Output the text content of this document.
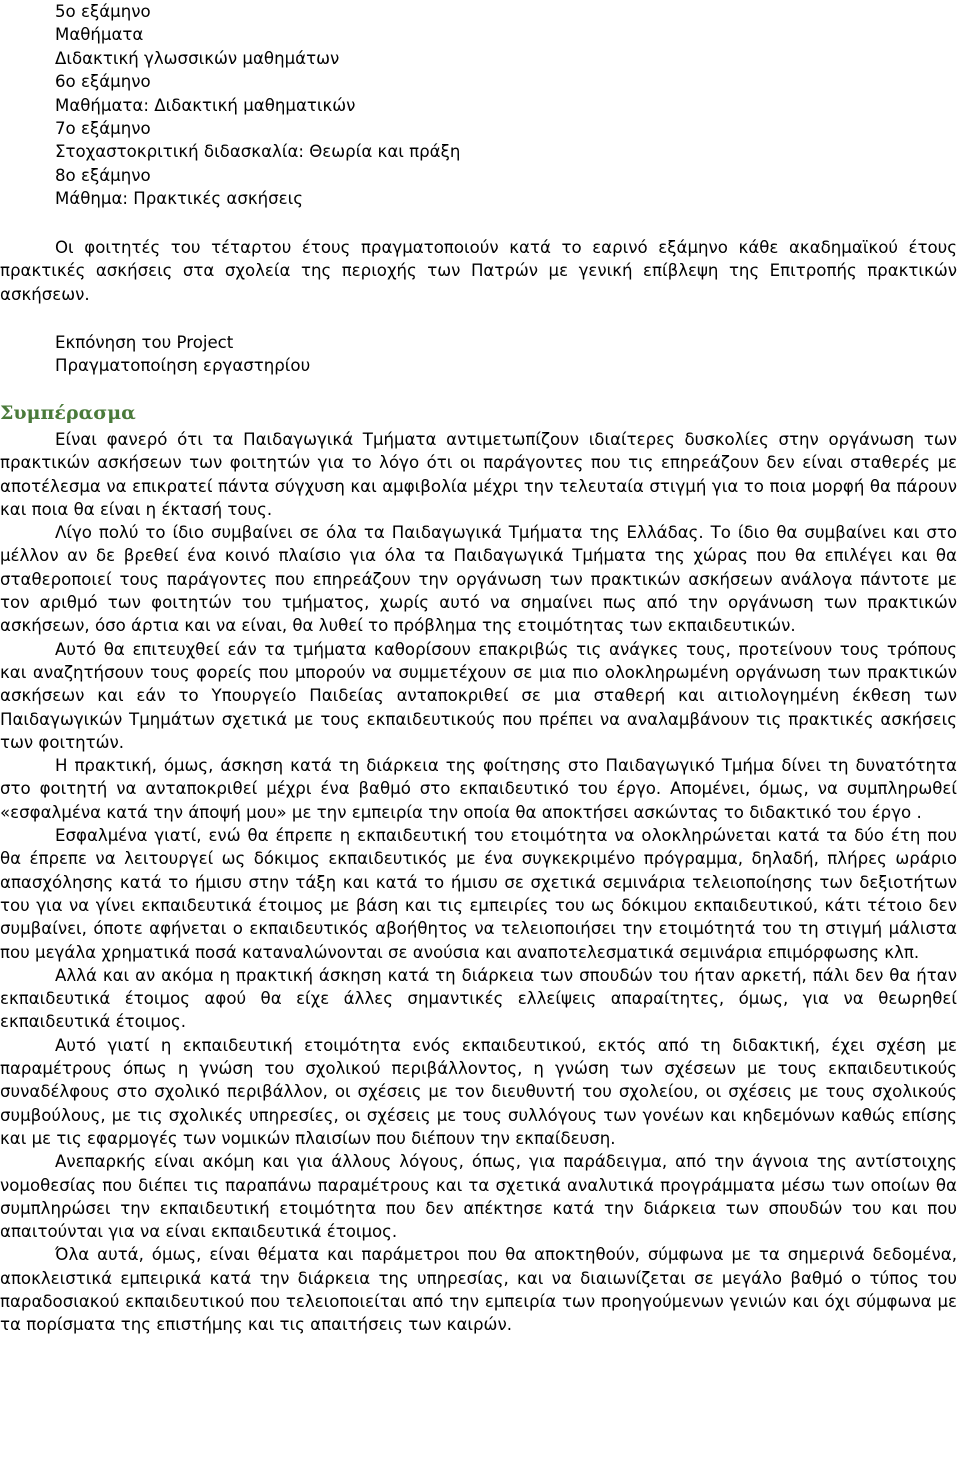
5ο εξάμηνο
Μαθήματα
Διδακτική γλωσσικών μαθημάτων
6ο εξάμηνο
Μαθήματα: Διδακτική μαθηματικών
7ο εξάμηνο
Στοχαστοκριτική διδασκαλία: Θεωρία και πράξη
8ο εξάμηνο
Μάθημα: Πρακτικές ασκήσεις

Οι φοιτητές του τέταρτου έτους πραγματοποιούν κατά το εαρινό εξάμηνο κάθε ακαδημαϊκού έτους πρακτικές ασκήσεις στα σχολεία της περιοχής των Πατρών με γενική επίβλεψη της Επιτροπής πρακτικών ασκήσεων.

Εκπόνηση του Project
Πραγματοποίηση εργαστηρίου
Συμπέρασμα

Είναι φανερό ότι τα Παιδαγωγικά Τμήματα αντιμετωπίζουν ιδιαίτερες δυσκολίες στην οργάνωση των πρακτικών ασκήσεων των φοιτητών για το λόγο ότι οι παράγοντες που τις επηρεάζουν δεν είναι σταθερές με αποτέλεσμα να επικρατεί πάντα σύγχυση και αμφιβολία μέχρι την τελευταία στιγμή για το ποια μορφή θα πάρουν και ποια θα είναι η έκτασή τους.

Λίγο πολύ το ίδιο συμβαίνει σε όλα τα Παιδαγωγικά Τμήματα της Ελλάδας. Το ίδιο θα συμβαίνει και στο μέλλον αν δε βρεθεί ένα κοινό πλαίσιο για όλα τα Παιδαγωγικά Τμήματα της χώρας που θα επιλέγει και θα σταθεροποιεί τους παράγοντες που επηρεάζουν την οργάνωση των πρακτικών ασκήσεων ανάλογα πάντοτε με τον αριθμό των φοιτητών του τμήματος, χωρίς αυτό να σημαίνει πως από την οργάνωση των πρακτικών ασκήσεων, όσο άρτια και να είναι, θα λυθεί το πρόβλημα της ετοιμότητας των εκπαιδευτικών.

Αυτό θα επιτευχθεί εάν τα τμήματα καθορίσουν επακριβώς τις ανάγκες τους, προτείνουν τους τρόπους και αναζητήσουν τους φορείς που μπορούν να συμμετέχουν σε μια πιο ολοκληρωμένη οργάνωση των πρακτικών ασκήσεων και εάν το Υπουργείο Παιδείας ανταποκριθεί σε μια σταθερή και αιτιολογημένη έκθεση των Παιδαγωγικών Τμημάτων σχετικά με τους εκπαιδευτικούς που πρέπει να αναλαμβάνουν τις πρακτικές ασκήσεις των φοιτητών.

Η πρακτική, όμως, άσκηση κατά τη διάρκεια της φοίτησης στο Παιδαγωγικό Τμήμα δίνει τη δυνατότητα στο φοιτητή να ανταποκριθεί μέχρι ένα βαθμό στο εκπαιδευτικό του έργο. Απομένει, όμως, να συμπληρωθεί «εσφαλμένα κατά την άποψή μου» με την εμπειρία την οποία θα αποκτήσει ασκώντας το διδακτικό του έργο .

Εσφαλμένα γιατί, ενώ θα έπρεπε η εκπαιδευτική του ετοιμότητα να ολοκληρώνεται κατά τα δύο έτη που θα έπρεπε να λειτουργεί ως δόκιμος εκπαιδευτικός με ένα συγκεκριμένο πρόγραμμα, δηλαδή, πλήρες ωράριο απασχόλησης κατά το ήμισυ στην τάξη και κατά το ήμισυ σε σχετικά σεμινάρια τελειοποίησης των δεξιοτήτων του για να γίνει εκπαιδευτικά έτοιμος με βάση και τις εμπειρίες του ως δόκιμου εκπαιδευτικού, κάτι τέτοιο δεν συμβαίνει, όποτε αφήνεται ο εκπαιδευτικός αβοήθητος να τελειοποιήσει την ετοιμότητά του τη στιγμή μάλιστα που μεγάλα χρηματικά ποσά καταναλώνονται σε ανούσια και αναποτελεσματικά σεμινάρια επιμόρφωσης κλπ.

Αλλά και αν ακόμα η πρακτική άσκηση κατά τη διάρκεια των σπουδών του ήταν αρκετή, πάλι δεν θα ήταν εκπαιδευτικά έτοιμος αφού θα είχε άλλες σημαντικές ελλείψεις απαραίτητες, όμως, για να θεωρηθεί εκπαιδευτικά έτοιμος.

Αυτό γιατί η εκπαιδευτική ετοιμότητα ενός εκπαιδευτικού, εκτός από τη διδακτική, έχει σχέση με παραμέτρους όπως η γνώση του σχολικού περιβάλλοντος, η γνώση των σχέσεων με τους εκπαιδευτικούς συναδέλφους στο σχολικό περιβάλλον, οι σχέσεις με τον διευθυντή του σχολείου, οι σχέσεις με τους σχολικούς συμβούλους, με τις σχολικές υπηρεσίες, οι σχέσεις με τους συλλόγους των γονέων και κηδεμόνων καθώς επίσης και με τις εφαρμογές των νομικών πλαισίων που διέπουν την εκπαίδευση.

Ανεπαρκής είναι ακόμη και για άλλους λόγους, όπως, για παράδειγμα, από την άγνοια της αντίστοιχης νομοθεσίας που διέπει τις παραπάνω παραμέτρους και τα σχετικά αναλυτικά προγράμματα μέσω των οποίων θα συμπληρώσει την εκπαιδευτική ετοιμότητα που δεν απέκτησε κατά την διάρκεια των σπουδών του και που απαιτούνται για να είναι εκπαιδευτικά έτοιμος.

Όλα αυτά, όμως, είναι θέματα και παράμετροι που θα αποκτηθούν, σύμφωνα με τα σημερινά δεδομένα, αποκλειστικά εμπειρικά κατά την διάρκεια της υπηρεσίας, και να διαιωνίζεται σε μεγάλο βαθμό ο τύπος του παραδοσιακού εκπαιδευτικού που τελειοποιείται από την εμπειρία των προηγούμενων γενιών και όχι σύμφωνα με τα πορίσματα της επιστήμης και τις απαιτήσεις των καιρών.
